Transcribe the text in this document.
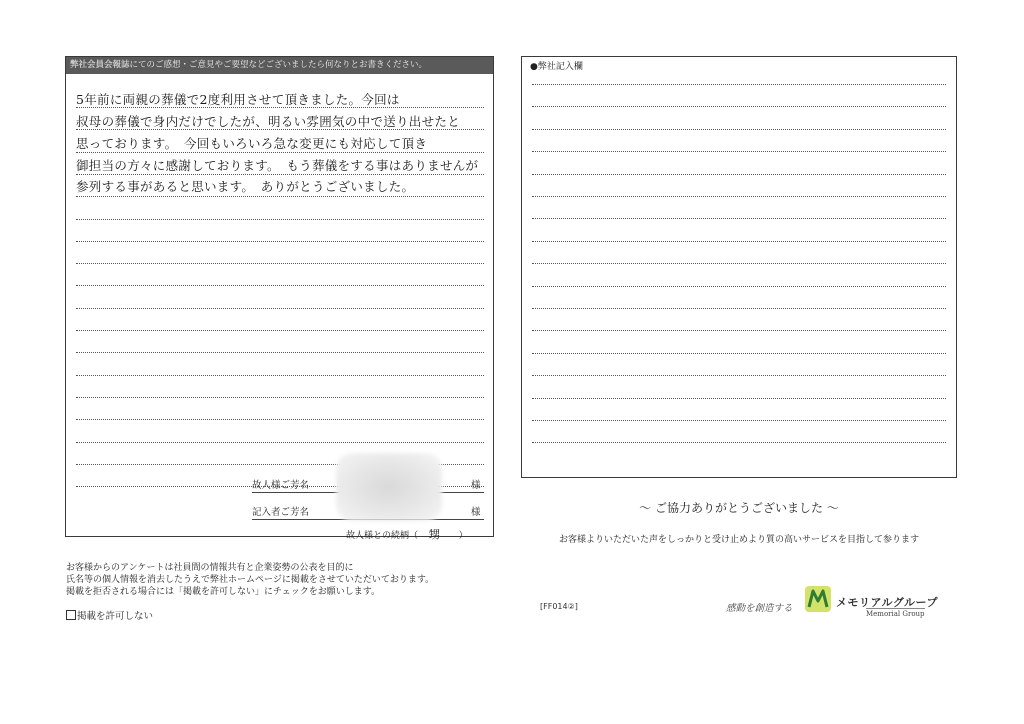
弊社会員会報誌にてのご感想・ご意見やご要望などございましたら何なりとお書きください。
5年前に両親の葬儀で2度利用させて頂きました。今回は
叔母の葬儀で身内だけでしたが、明るい雰囲気の中で送り出せたと
思っております。　今回もいろいろ急な変更にも対応して頂き
御担当の方々に感謝しております。　もう葬儀をする事はありませんが
参列する事があると思います。　ありがとうございました。
故人様ご芳名	様
記入者ご芳名	様
故人様との続柄（ 甥 ）
●弊社記入欄
～ ご協力ありがとうございました ～
お客様よりいただいた声をしっかりと受け止めより質の高いサービスを目指して参ります
お客様からのアンケートは社員間の情報共有と企業姿勢の公表を目的に
氏名等の個人情報を消去したうえで弊社ホームページに掲載をさせていただいております。
掲載を拒否される場合には「掲載を許可しない」にチェックをお願いします。
掲載を許可しない
[FF014②]	感動を創造する	メモリアルグループ
Memorial Group
